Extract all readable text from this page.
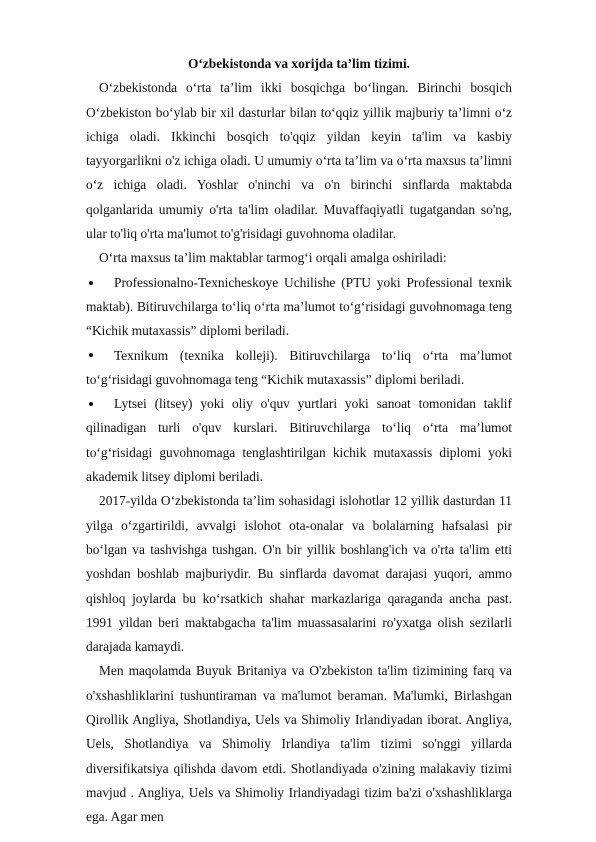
O‘zbekistonda va xorijda ta’lim tizimi.

O‘zbekistonda o‘rta ta’lim ikki bosqichga bo‘lingan. Birinchi bosqich O‘zbekiston bo‘ylab bir xil dasturlar bilan to‘qqiz yillik majburiy ta’limni o‘z ichiga oladi. Ikkinchi bosqich to'qqiz yildan keyin ta'lim va kasbiy tayyorgarlikni o'z ichiga oladi. U umumiy o‘rta ta’lim va o‘rta maxsus ta’limni o‘z ichiga oladi. Yoshlar o'ninchi va o'n birinchi sinflarda maktabda qolganlarida umumiy o'rta ta'lim oladilar. Muvaffaqiyatli tugatgandan so'ng, ular to'liq o'rta ma'lumot to'g'risidagi guvohnoma oladilar.

O‘rta maxsus ta’lim maktablar tarmog‘i orqali amalga oshiriladi:

Professionalno-Texnicheskoye Uchilishe (PTU yoki Professional texnik maktab). Bitiruvchilarga to‘liq o‘rta ma’lumot to‘g‘risidagi guvohnomaga teng “Kichik mutaxassis” diplomi beriladi.

Texnikum (texnika kolleji). Bitiruvchilarga to‘liq o‘rta ma’lumot to‘g‘risidagi guvohnomaga teng “Kichik mutaxassis” diplomi beriladi.

Lytsei (litsey) yoki oliy o'quv yurtlari yoki sanoat tomonidan taklif qilinadigan turli o'quv kurslari. Bitiruvchilarga to‘liq o‘rta ma’lumot to‘g‘risidagi guvohnomaga tenglashtirilgan kichik mutaxassis diplomi yoki akademik litsey diplomi beriladi.

2017-yilda O‘zbekistonda ta’lim sohasidagi islohotlar 12 yillik dasturdan 11 yilga o‘zgartirildi, avvalgi islohot ota-onalar va bolalarning hafsalasi pir bo‘lgan va tashvishga tushgan. O'n bir yillik boshlang'ich va o'rta ta'lim etti yoshdan boshlab majburiydir. Bu sinflarda davomat darajasi yuqori, ammo qishloq joylarda bu ko‘rsatkich shahar markazlariga qaraganda ancha past. 1991 yildan beri maktabgacha ta'lim muassasalarini ro'yxatga olish sezilarli darajada kamaydi.

Men maqolamda Buyuk Britaniya va O'zbekiston ta'lim tizimining farq va o'xshashliklarini tushuntiraman va ma'lumot beraman. Ma'lumki, Birlashgan Qirollik Angliya, Shotlandiya, Uels va Shimoliy Irlandiyadan iborat. Angliya, Uels, Shotlandiya va Shimoliy Irlandiya ta'lim tizimi so'nggi yillarda diversifikatsiya qilishda davom etdi. Shotlandiyada o'zining malakaviy tizimi mavjud . Angliya, Uels va Shimoliy Irlandiyadagi tizim ba'zi o'xshashliklarga ega. Agar men
